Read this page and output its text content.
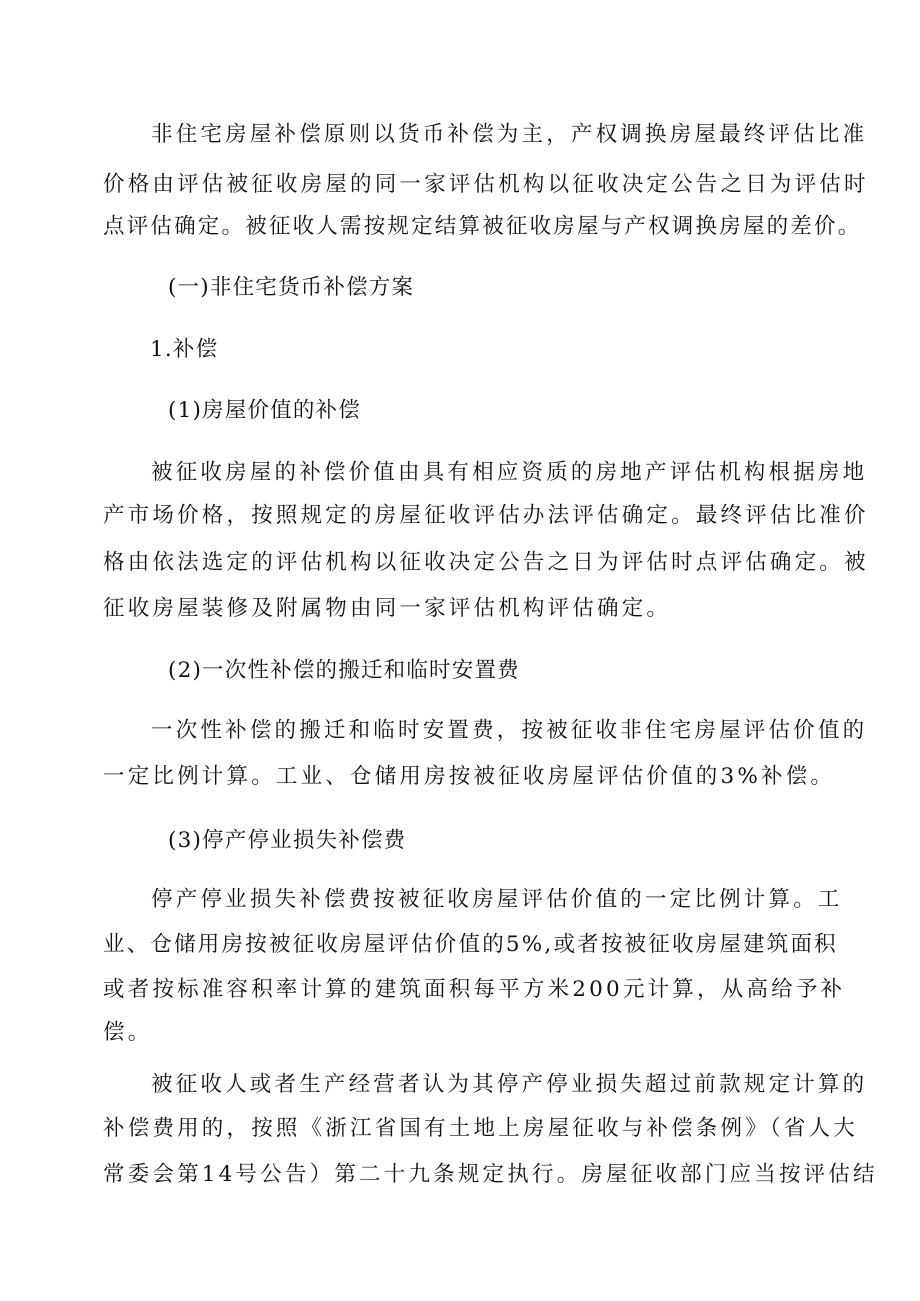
非住宅房屋补偿原则以货币补偿为主，产权调换房屋最终评估比准
价格由评估被征收房屋的同一家评估机构以征收决定公告之日为评估时
点评估确定。被征收人需按规定结算被征收房屋与产权调换房屋的差价。
(一)非住宅货币补偿方案
1.补偿
(1)房屋价值的补偿
被征收房屋的补偿价值由具有相应资质的房地产评估机构根据房地
产市场价格，按照规定的房屋征收评估办法评估确定。最终评估比准价
格由依法选定的评估机构以征收决定公告之日为评估时点评估确定。被
征收房屋装修及附属物由同一家评估机构评估确定。
(2)一次性补偿的搬迁和临时安置费
一次性补偿的搬迁和临时安置费，按被征收非住宅房屋评估价值的
一定比例计算。工业、仓储用房按被征收房屋评估价值的3%补偿。
(3)停产停业损失补偿费
停产停业损失补偿费按被征收房屋评估价值的一定比例计算。工
业、仓储用房按被征收房屋评估价值的5%,或者按被征收房屋建筑面积
或者按标准容积率计算的建筑面积每平方米200元计算，从高给予补
偿。
被征收人或者生产经营者认为其停产停业损失超过前款规定计算的
补偿费用的，按照《浙江省国有土地上房屋征收与补偿条例》（省人大
常委会第14号公告）第二十九条规定执行。房屋征收部门应当按评估结
